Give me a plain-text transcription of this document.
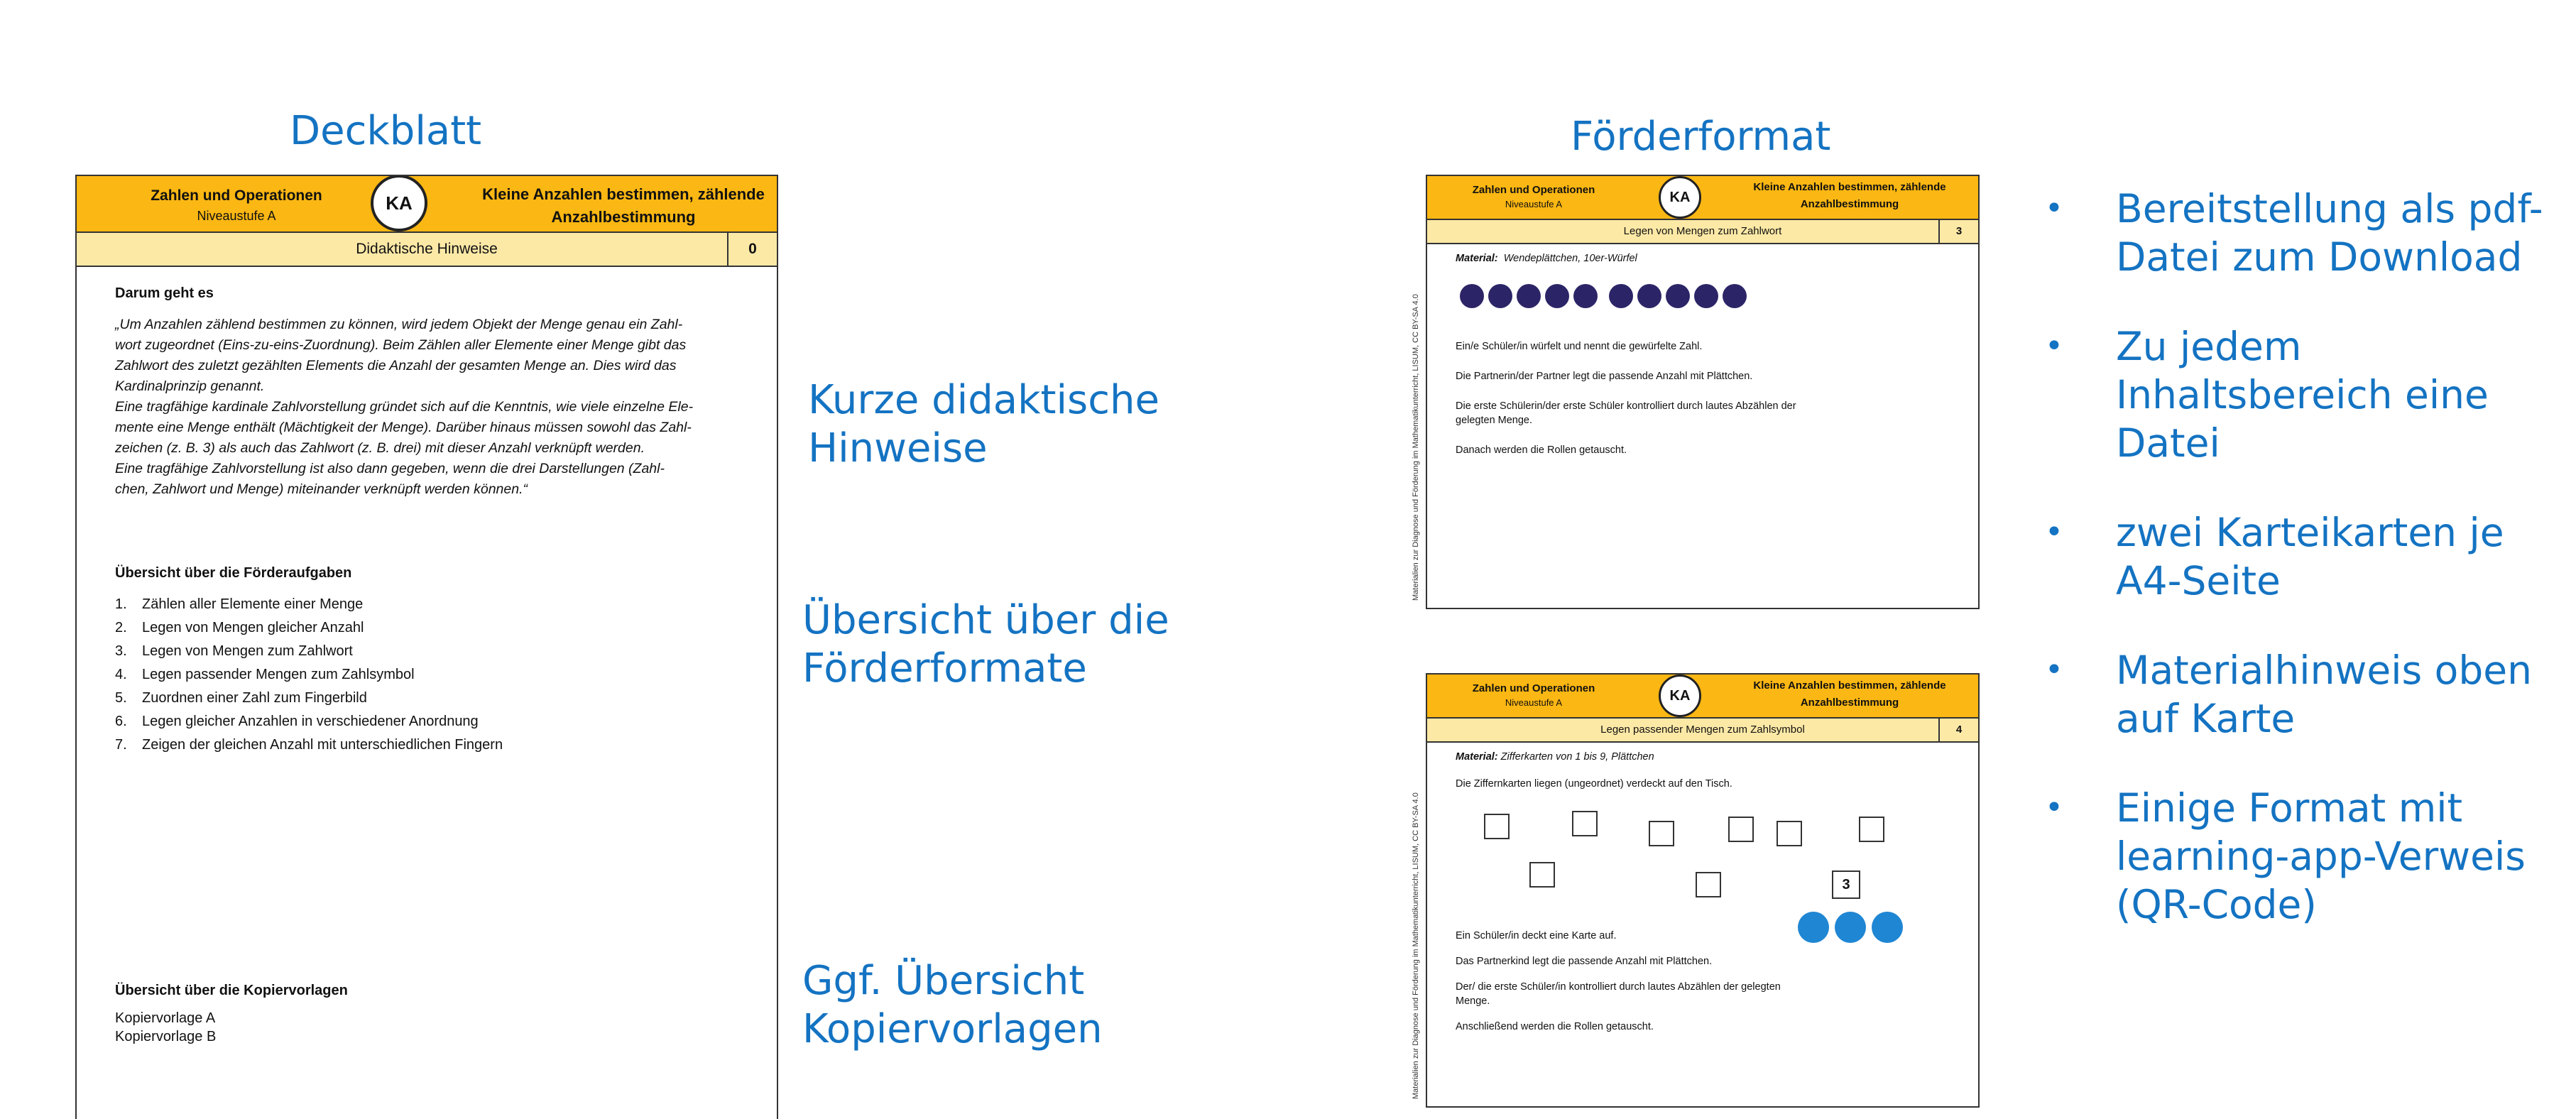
Deckblatt	Förderformat
Zahlen und Operationen
Niveaustufe A
KA	Kleine Anzahlen bestimmen, zählende Anzahlbestimmung
Didaktische Hinweise	0
Darum geht es

„Um Anzahlen zählend bestimmen zu können, wird jedem Objekt der Menge genau ein Zahl-

wort zugeordnet (Eins-zu-eins-Zuordnung). Beim Zählen aller Elemente einer Menge gibt das

Zahlwort des zuletzt gezählten Elements die Anzahl der gesamten Menge an. Dies wird das

Kardinalprinzip genannt.

Eine tragfähige kardinale Zahlvorstellung gründet sich auf die Kenntnis, wie viele einzelne Ele-

mente eine Menge enthält (Mächtigkeit der Menge). Darüber hinaus müssen sowohl das Zahl-

zeichen (z. B. 3) als auch das Zahlwort (z. B. drei) mit dieser Anzahl verknüpft werden.

Eine tragfähige Zahlvorstellung ist also dann gegeben, wenn die drei Darstellungen (Zahl-

chen, Zahlwort und Menge) miteinander verknüpft werden können.“

Übersicht über die Förderaufgaben
1.	Zählen aller Elemente einer Menge
2.	Legen von Mengen gleicher Anzahl
3.	Legen von Mengen zum Zahlwort
4.	Legen passender Mengen zum Zahlsymbol
5.	Zuordnen einer Zahl zum Fingerbild
6.	Legen gleicher Anzahlen in verschiedener Anordnung
7.	Zeigen der gleichen Anzahl mit unterschiedlichen Fingern
Übersicht über die Kopiervorlagen
Kopiervorlage A
Kopiervorlage B
Kurze didaktische Hinweise
Übersicht über die Förderformate
Ggf. Übersicht Kopiervorlagen
Zahlen und Operationen
Niveaustufe A	KA
Kleine Anzahlen bestimmen, zählende Anzahlbestimmung
Legen von Mengen zum Zahlwort	3
Material: Wendeplättchen, 10er-Würfel

Ein/e Schüler/in würfelt und nennt die gewürfelte Zahl.

Die Partnerin/der Partner legt die passende Anzahl mit Plättchen.

Die erste Schülerin/der erste Schüler kontrolliert durch lautes Abzählen der gelegten Menge.

Danach werden die Rollen getauscht.

Materialien zur Diagnose und Förderung im Mathematikunterricht, LISUM, CC BY-SA 4.0
Zahlen und Operationen
Niveaustufe A	KA
Kleine Anzahlen bestimmen, zählende Anzahlbestimmung
Legen passender Mengen zum Zahlsymbol	4
Material: Zifferkarten von 1 bis 9, Plättchen

Die Ziffernkarten liegen (ungeordnet) verdeckt auf den Tisch.

3

Ein Schüler/in deckt eine Karte auf.

Das Partnerkind legt die passende Anzahl mit Plättchen.

Der/ die erste Schüler/in kontrolliert durch lautes Abzählen der gelegten Menge.

Anschließend werden die Rollen getauscht.

Materialien zur Diagnose und Förderung im Mathematikunterricht, LISUM, CC BY-SA 4.0
• Bereitstellung als pdf-Datei zum Download
• Zu jedem Inhaltsbereich eine Datei
• zwei Karteikarten je A4-Seite
• Materialhinweis oben auf Karte
• Einige Format mit learning-app-Verweis (QR-Code)
